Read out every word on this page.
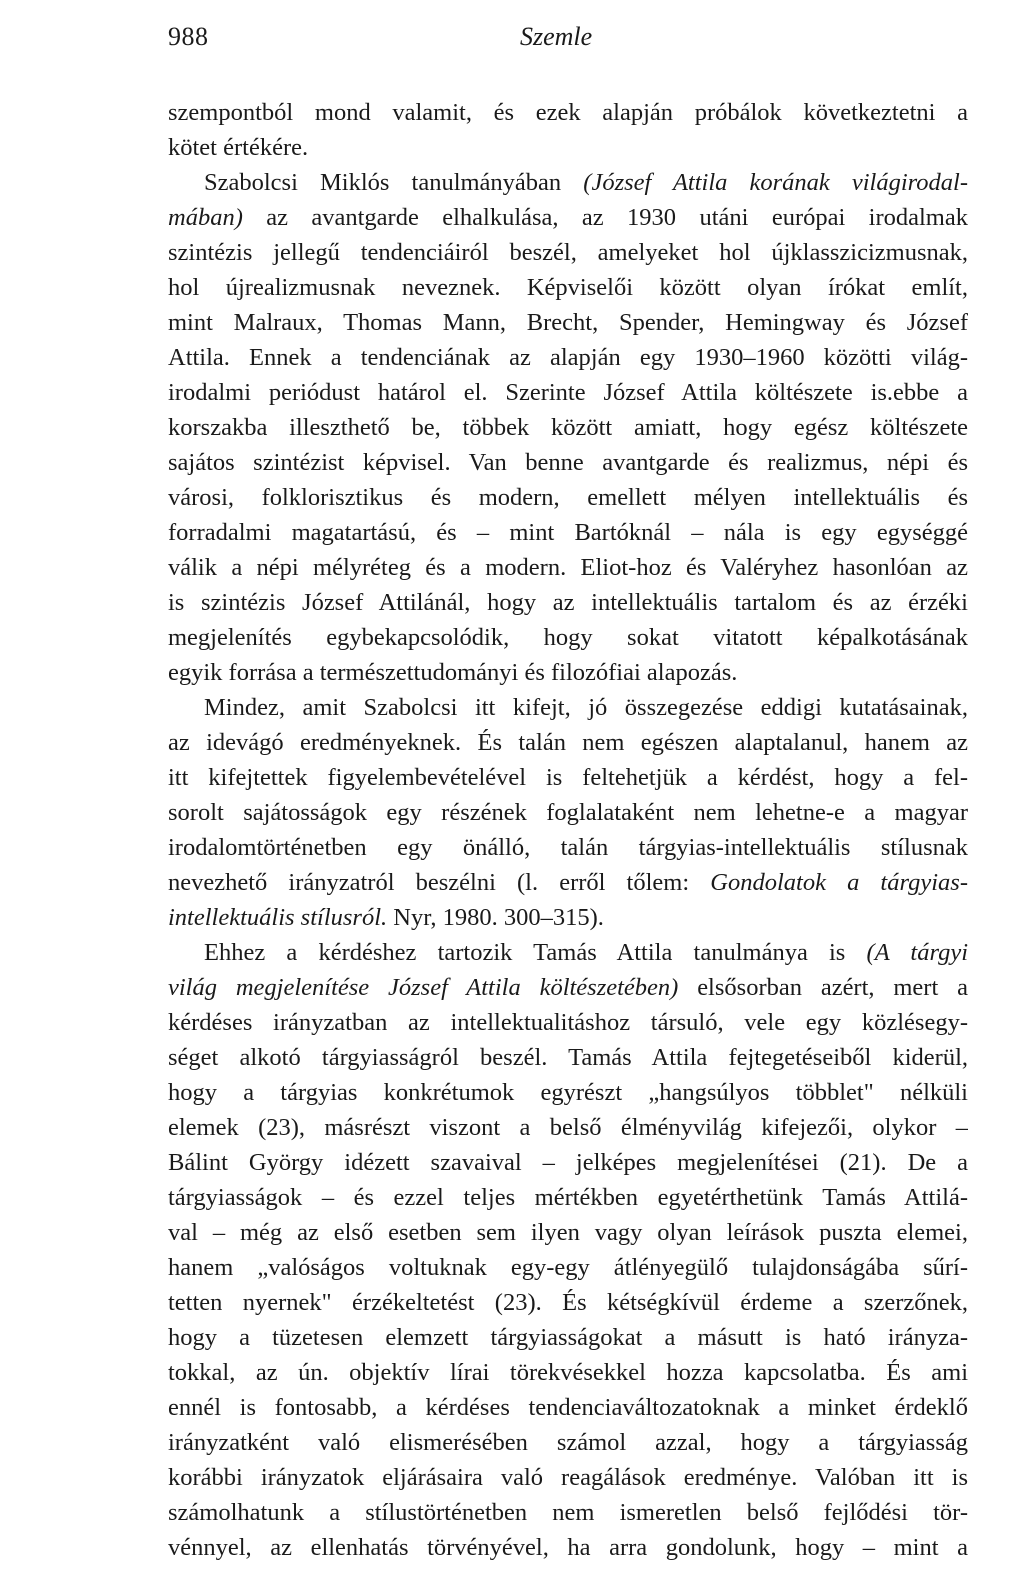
988	Szemle
szempontból mond valamit, és ezek alapján próbálok következtetni a
kötet értékére.
Szabolcsi Miklós tanulmányában (József Attila korának világirodal-
mában) az avantgarde elhalkulása, az 1930 utáni európai irodalmak
szintézis jellegű tendenciáiról beszél, amelyeket hol újklasszicizmusnak,
hol újrealizmusnak neveznek. Képviselői között olyan írókat említ,
mint Malraux, Thomas Mann, Brecht, Spender, Hemingway és József
Attila. Ennek a tendenciának az alapján egy 1930–1960 közötti világ-
irodalmi periódust határol el. Szerinte József Attila költészete is.ebbe a
korszakba illeszthető be, többek között amiatt, hogy egész költészete
sajátos szintézist képvisel. Van benne avantgarde és realizmus, népi és
városi, folklorisztikus és modern, emellett mélyen intellektuális és
forradalmi magatartású, és – mint Bartóknál – nála is egy egységgé
válik a népi mélyréteg és a modern. Eliot-hoz és Valéryhez hasonlóan az
is szintézis József Attilánál, hogy az intellektuális tartalom és az érzéki
megjelenítés egybekapcsolódik, hogy sokat vitatott képalkotásának
egyik forrása a természettudományi és filozófiai alapozás.
Mindez, amit Szabolcsi itt kifejt, jó összegezése eddigi kutatásainak,
az idevágó eredményeknek. És talán nem egészen alaptalanul, hanem az
itt kifejtettek figyelembevételével is feltehetjük a kérdést, hogy a fel-
sorolt sajátosságok egy részének foglalataként nem lehetne-e a magyar
irodalomtörténetben egy önálló, talán tárgyias-intellektuális stílusnak
nevezhető irányzatról beszélni (l. erről tőlem: Gondolatok a tárgyias-
intellektuális stílusról. Nyr, 1980. 300–315).
Ehhez a kérdéshez tartozik Tamás Attila tanulmánya is (A tárgyi
világ megjelenítése József Attila költészetében) elsősorban azért, mert a
kérdéses irányzatban az intellektualitáshoz társuló, vele egy közlésegy-
séget alkotó tárgyiasságról beszél. Tamás Attila fejtegetéseiből kiderül,
hogy a tárgyias konkrétumok egyrészt „hangsúlyos többlet" nélküli
elemek (23), másrészt viszont a belső élményvilág kifejezői, olykor –
Bálint György idézett szavaival – jelképes megjelenítései (21). De a
tárgyiasságok – és ezzel teljes mértékben egyetérthetünk Tamás Attilá-
val – még az első esetben sem ilyen vagy olyan leírások puszta elemei,
hanem „valóságos voltuknak egy-egy átlényegülő tulajdonságába sűrí-
tetten nyernek" érzékeltetést (23). És kétségkívül érdeme a szerzőnek,
hogy a tüzetesen elemzett tárgyiasságokat a másutt is ható irányza-
tokkal, az ún. objektív lírai törekvésekkel hozza kapcsolatba. És ami
ennél is fontosabb, a kérdéses tendenciaváltozatoknak a minket érdeklő
irányzatként való elismerésében számol azzal, hogy a tárgyiasság
korábbi irányzatok eljárásaira való reagálások eredménye. Valóban itt is
számolhatunk a stílustörténetben nem ismeretlen belső fejlődési tör-
vénnyel, az ellenhatás törvényével, ha arra gondolunk, hogy – mint a
